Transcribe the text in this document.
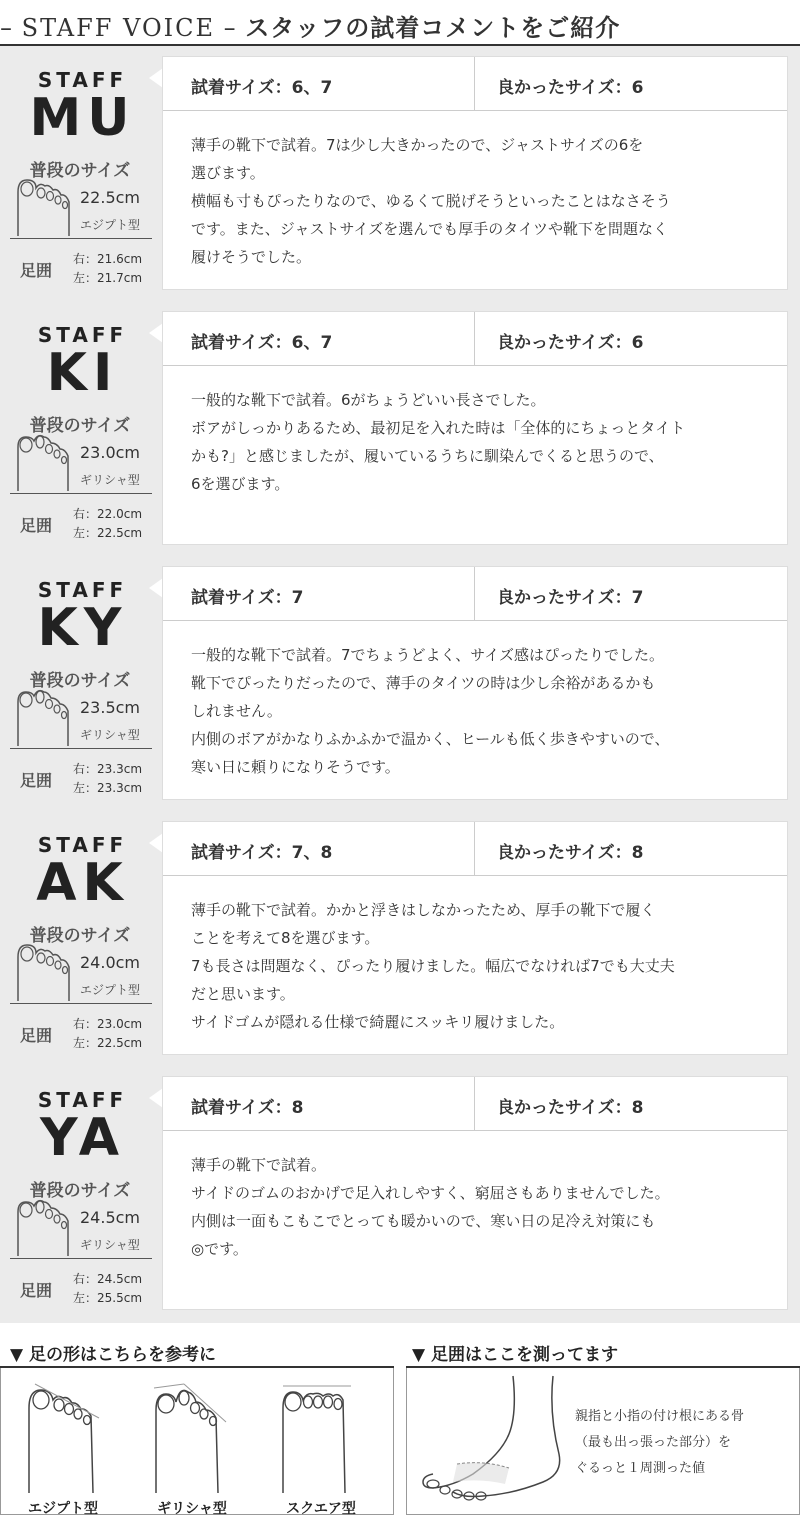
– STAFF VOICE – スタッフの試着コメントをご紹介
STAFF
MU
普段のサイズ
22.5cm
エジプト型
足囲
右：21.6cm
左：21.7cm
試着サイズ：6、7	良かったサイズ：6
薄手の靴下で試着。7は少し大きかったので、ジャストサイズの6を
選びます。
横幅も寸もぴったりなので、ゆるくて脱げそうといったことはなさそう
です。また、ジャストサイズを選んでも厚手のタイツや靴下を問題なく
履けそうでした。
STAFF
KI
普段のサイズ
23.0cm
ギリシャ型
足囲
右：22.0cm
左：22.5cm
試着サイズ：6、7	良かったサイズ：6
一般的な靴下で試着。6がちょうどいい長さでした。
ボアがしっかりあるため、最初足を入れた時は「全体的にちょっとタイト
かも?」と感じましたが、履いているうちに馴染んでくると思うので、
6を選びます。
STAFF
KY
普段のサイズ
23.5cm
ギリシャ型
足囲
右：23.3cm
左：23.3cm
試着サイズ：7	良かったサイズ：7
一般的な靴下で試着。7でちょうどよく、サイズ感はぴったりでした。
靴下でぴったりだったので、薄手のタイツの時は少し余裕があるかも
しれません。
内側のボアがかなりふかふかで温かく、ヒールも低く歩きやすいので、
寒い日に頼りになりそうです。
STAFF
AK
普段のサイズ
24.0cm
エジプト型
足囲
右：23.0cm
左：22.5cm
試着サイズ：7、8	良かったサイズ：8
薄手の靴下で試着。かかと浮きはしなかったため、厚手の靴下で履く
ことを考えて8を選びます。
7も長さは問題なく、ぴったり履けました。幅広でなければ7でも大丈夫
だと思います。
サイドゴムが隠れる仕様で綺麗にスッキリ履けました。
STAFF
YA
普段のサイズ
24.5cm
ギリシャ型
足囲
右：24.5cm
左：25.5cm
試着サイズ：8	良かったサイズ：8
薄手の靴下で試着。
サイドのゴムのおかげで足入れしやすく、窮屈さもありませんでした。
内側は一面もこもこでとっても暖かいので、寒い日の足冷え対策にも
◎です。
▼ 足の形はこちらを参考に
エジプト型	ギリシャ型	スクエア型
▼ 足囲はここを測ってます
親指と小指の付け根にある骨
（最も出っ張った部分）を
ぐるっと１周測った値
